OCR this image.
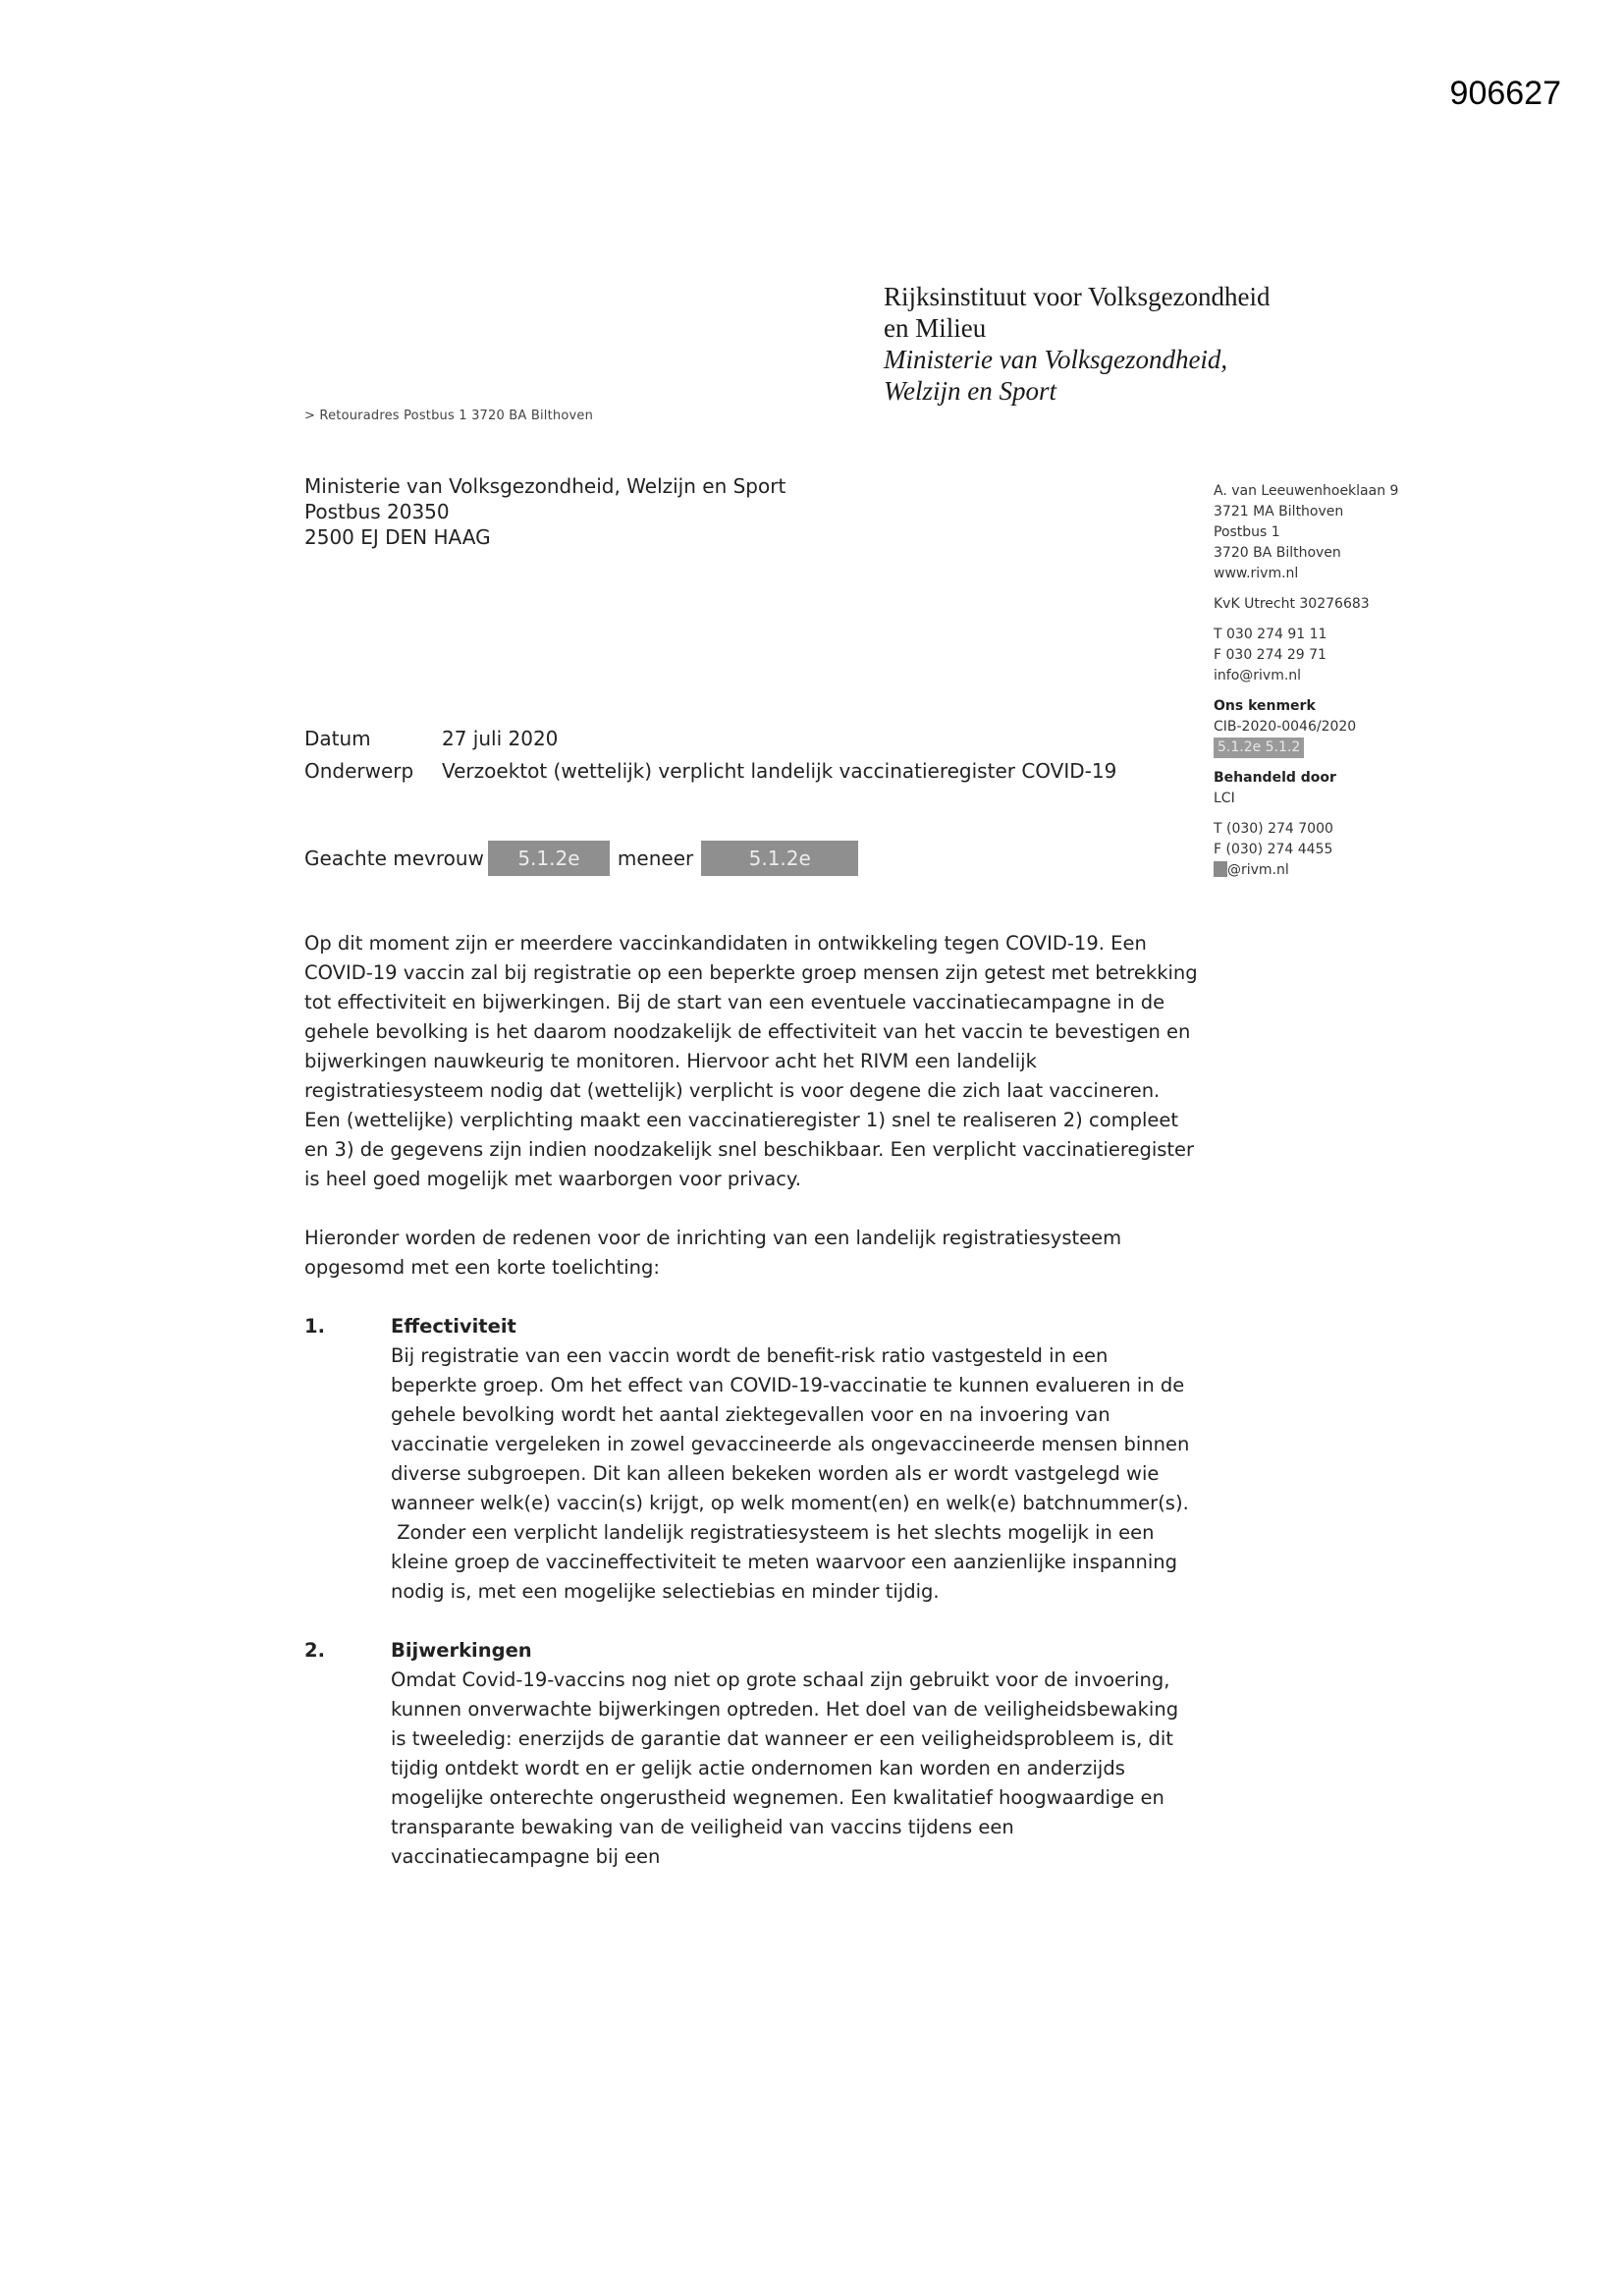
906627
Rijksinstituut voor Volksgezondheid
en Milieu
Ministerie van Volksgezondheid,
Welzijn en Sport
> Retouradres Postbus 1 3720 BA Bilthoven
Ministerie van Volksgezondheid, Welzijn en Sport
Postbus 20350
2500 EJ DEN HAAG
A. van Leeuwenhoeklaan 9
3721 MA Bilthoven
Postbus 1
3720 BA Bilthoven
www.rivm.nl
KvK Utrecht 30276683
T 030 274 91 11
F 030 274 29 71
info@rivm.nl
Ons kenmerk
CIB-2020-0046/2020
5.1.2e 5.1.2
Behandeld door
LCI
T (030) 274 7000
F (030) 274 4455
@rivm.nl
Datum	27 juli 2020
Onderwerp	Verzoektot (wettelijk) verplicht landelijk vaccinatieregister COVID-19
Geachte mevrouw	5.1.2e	meneer	5.1.2e

Op dit moment zijn er meerdere vaccinkandidaten in ontwikkeling tegen COVID-19. Een COVID-19 vaccin zal bij registratie op een beperkte groep mensen zijn getest met betrekking tot effectiviteit en bijwerkingen. Bij de start van een eventuele vaccinatiecampagne in de gehele bevolking is het daarom noodzakelijk de effectiviteit van het vaccin te bevestigen en bijwerkingen nauwkeurig te monitoren. Hiervoor acht het RIVM een landelijk registratiesysteem nodig dat (wettelijk) verplicht is voor degene die zich laat vaccineren. Een (wettelijke) verplichting maakt een vaccinatieregister 1) snel te realiseren 2) compleet en 3) de gegevens zijn indien noodzakelijk snel beschikbaar. Een verplicht vaccinatieregister is heel goed mogelijk met waarborgen voor privacy.

Hieronder worden de redenen voor de inrichting van een landelijk registratiesysteem opgesomd met een korte toelichting:

1.	Effectiviteit
Bij registratie van een vaccin wordt de benefit-risk ratio vastgesteld in een beperkte groep. Om het effect van COVID-19-vaccinatie te kunnen evalueren in de gehele bevolking wordt het aantal ziektegevallen voor en na invoering van vaccinatie vergeleken in zowel gevaccineerde als ongevaccineerde mensen binnen diverse subgroepen. Dit kan alleen bekeken worden als er wordt vastgelegd wie wanneer welk(e) vaccin(s) krijgt, op welk moment(en) en welk(e) batchnummer(s).
Zonder een verplicht landelijk registratiesysteem is het slechts mogelijk in een kleine groep de vaccineffectiviteit te meten waarvoor een aanzienlijke inspanning nodig is, met een mogelijke selectiebias en minder tijdig.
2.	Bijwerkingen
Omdat Covid-19-vaccins nog niet op grote schaal zijn gebruikt voor de invoering, kunnen onverwachte bijwerkingen optreden. Het doel van de veiligheidsbewaking is tweeledig: enerzijds de garantie dat wanneer er een veiligheidsprobleem is, dit tijdig ontdekt wordt en er gelijk actie ondernomen kan worden en anderzijds mogelijke onterechte ongerustheid wegnemen. Een kwalitatief hoogwaardige en transparante bewaking van de veiligheid van vaccins tijdens een vaccinatiecampagne bij een
